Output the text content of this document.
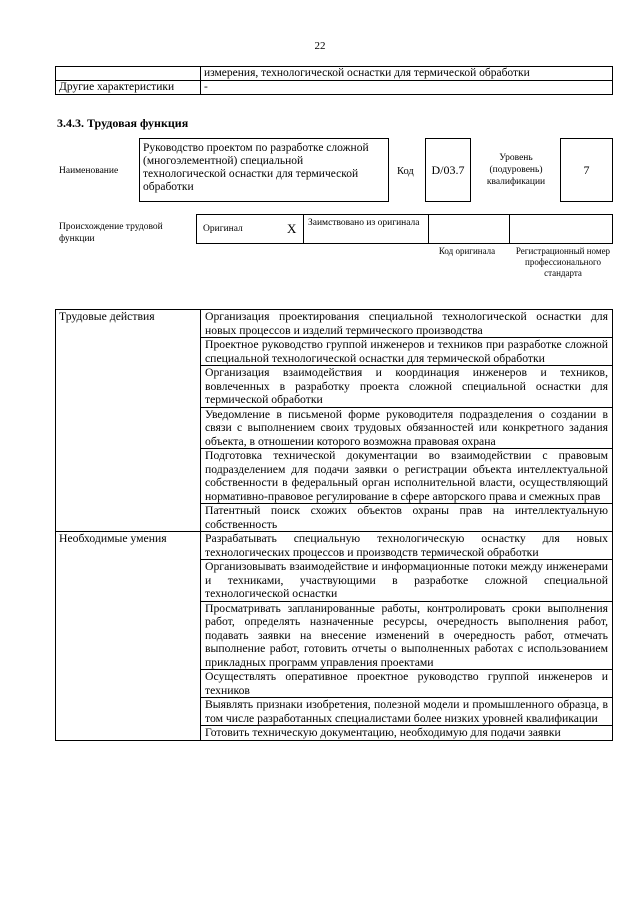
22
	измерения, технологической оснастки для термической обработки
Другие характеристики	-
3.4.3. Трудовая функция
Наименование
Руководство проектом по разработке сложной (многоэлементной) специальной технологической оснастки для термической обработки
Код	D/03.7
Уровень (подуровень) квалификации
7
Происхождение трудовой функции
Оригинал	X Заимствовано из оригинала
Код оригинала	Регистрационный номер профессионального стандарта
Трудовые действия	Организация проектирования специальной технологической оснастки для новых процессов и изделий термического производства
	Проектное руководство группой инженеров и техников при разработке сложной специальной технологической оснастки для термической обработки
	Организация взаимодействия и координация инженеров и техников, вовлеченных в разработку проекта сложной специальной оснастки для термической обработки
	Уведомление в письменой форме руководителя подразделения о создании в связи с выполнением своих трудовых обязанностей или конкретного задания объекта, в отношении которого возможна правовая охрана
	Подготовка технической документации во взаимодействии с правовым подразделением для подачи заявки о регистрации объекта интеллектуальной собственности в федеральный орган исполнительной власти, осуществляющий нормативно-правовое регулирование в сфере авторского права и смежных прав
	Патентный поиск схожих объектов охраны прав на интеллектуальную собственность
Необходимые умения	Разрабатывать специальную технологическую оснастку для новых технологических процессов и производств термической обработки
	Организовывать взаимодействие и информационные потоки между инженерами и техниками, участвующими в разработке сложной специальной технологической оснастки
	Просматривать запланированные работы, контролировать сроки выполнения работ, определять назначенные ресурсы, очередность выполнения работ, подавать заявки на внесение изменений в очередность работ, отмечать выполнение работ, готовить отчеты о выполненных работах с использованием прикладных программ управления проектами
	Осуществлять оперативное проектное руководство группой инженеров и техников
	Выявлять признаки изобретения, полезной модели и промышленного образца, в том числе разработанных специалистами более низких уровней квалификации
	Готовить техническую документацию, необходимую для подачи заявки
